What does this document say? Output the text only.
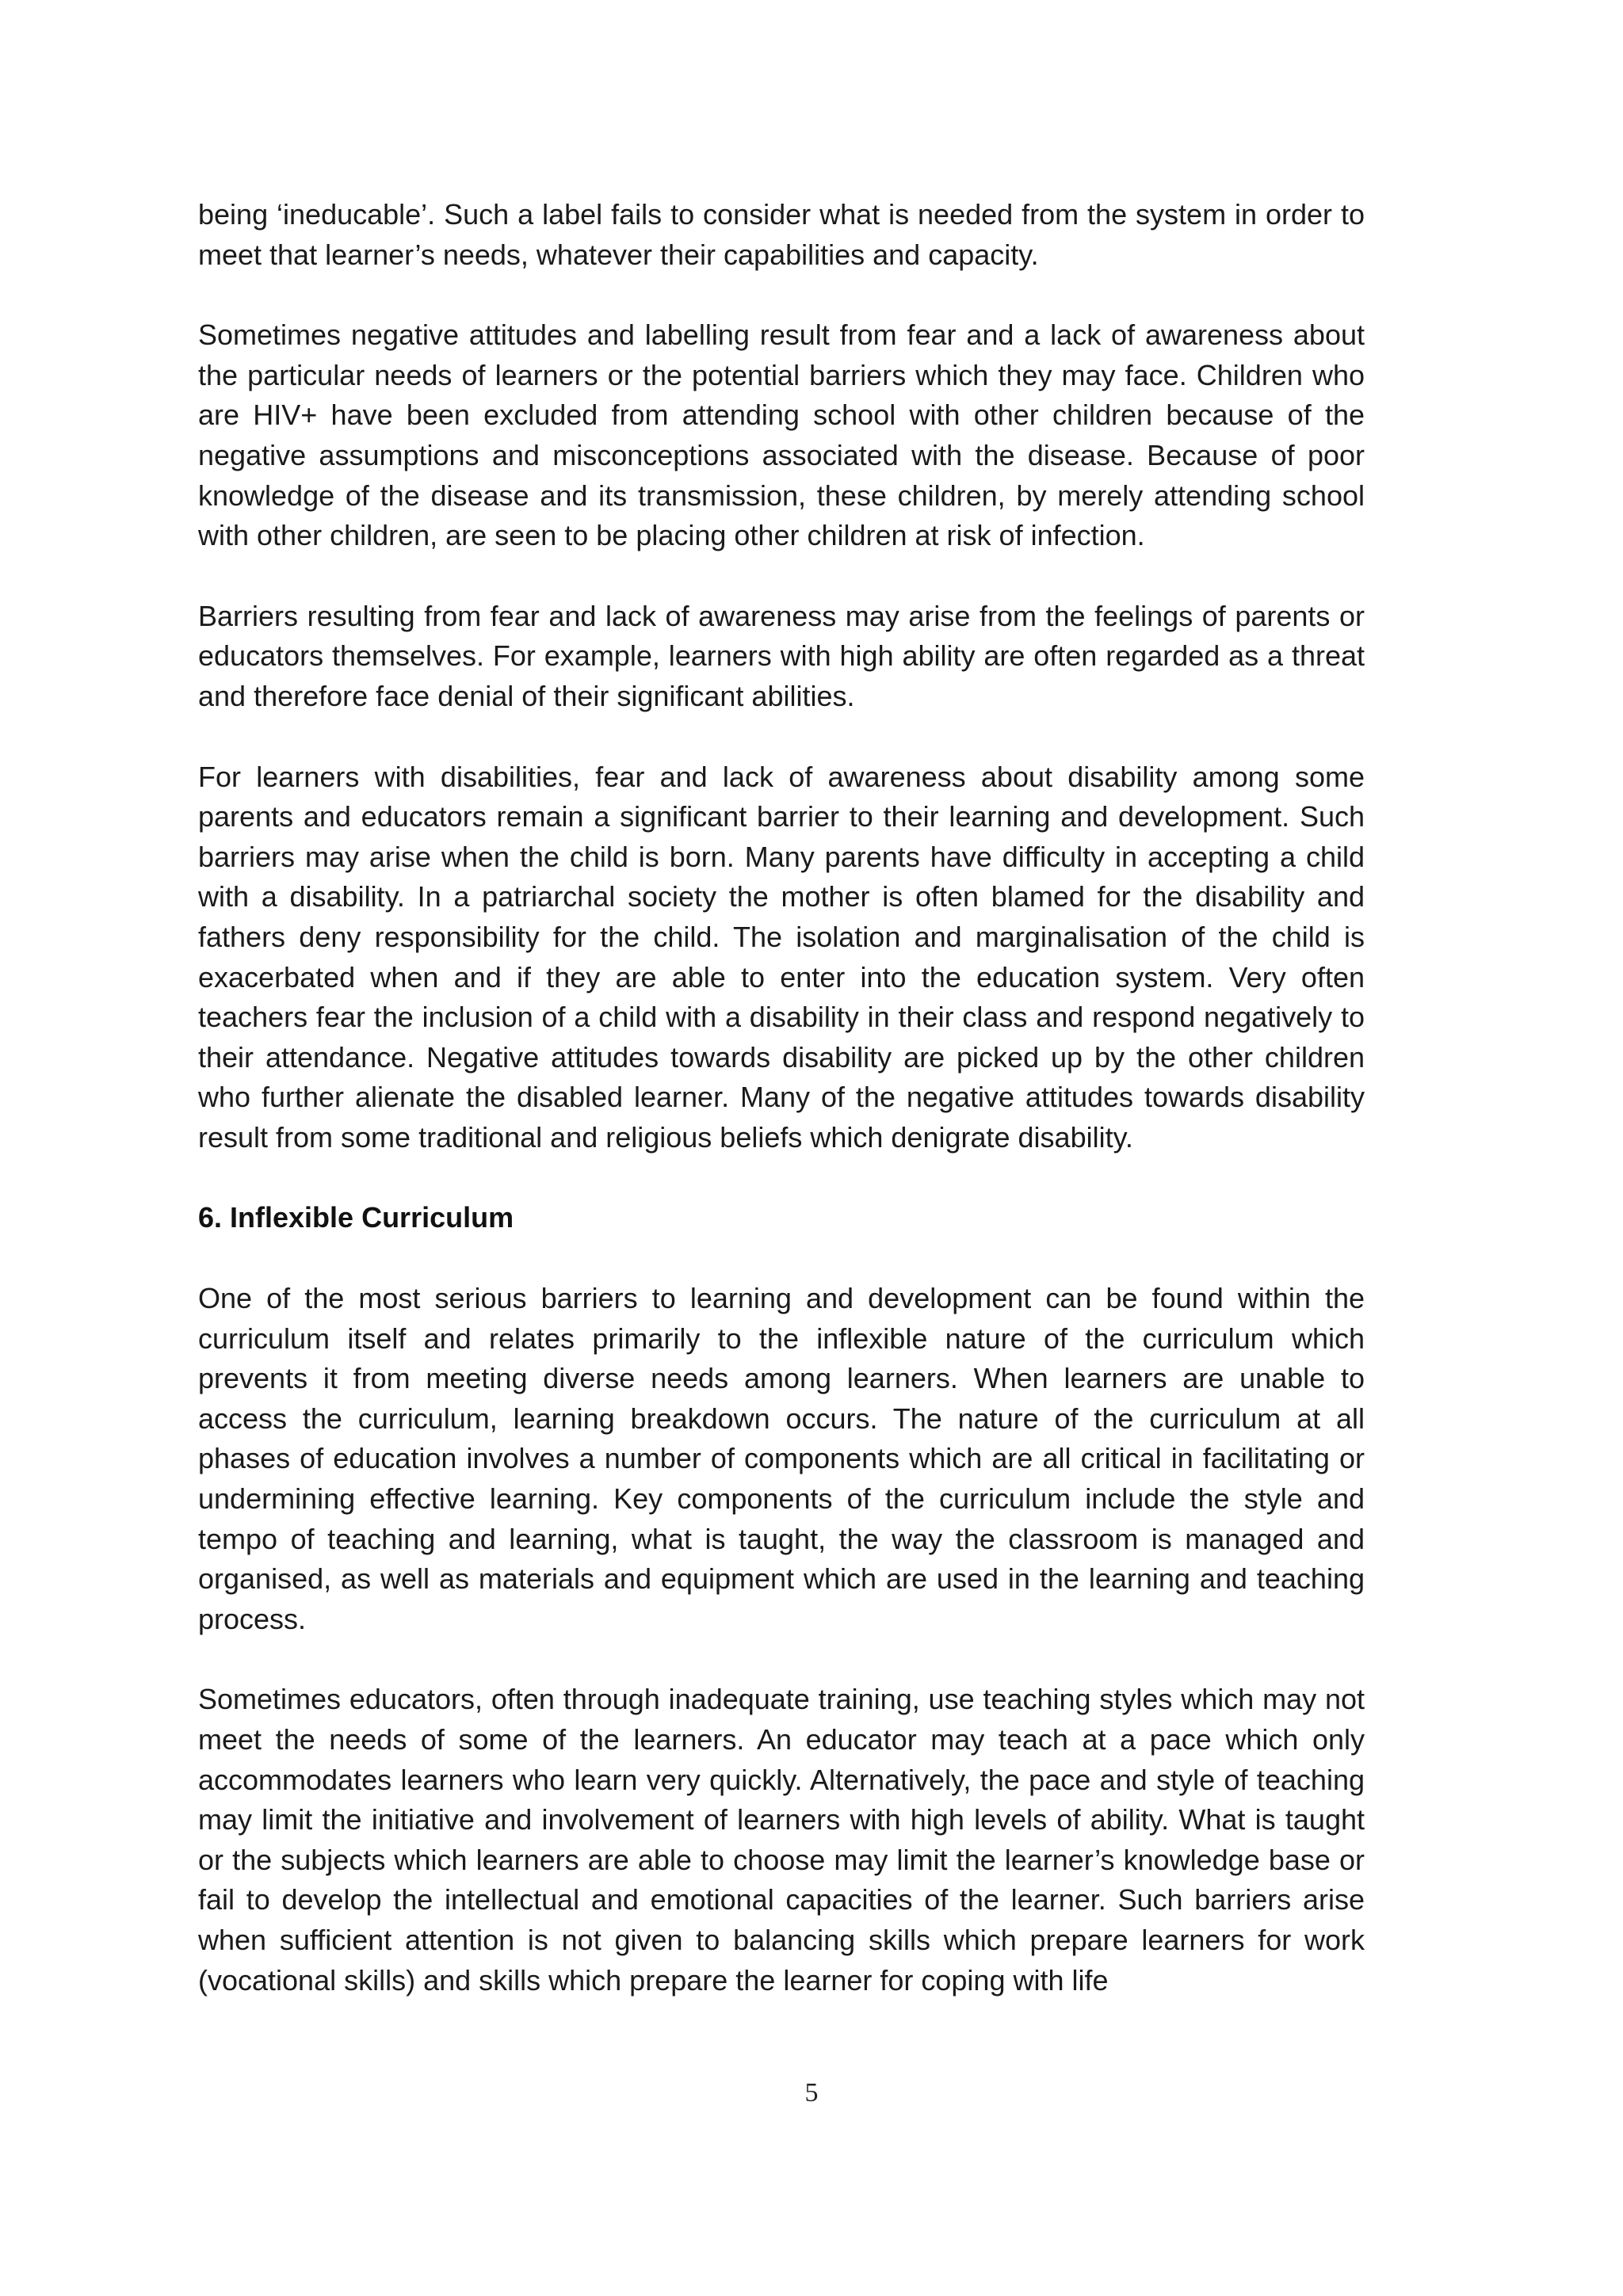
being ‘ineducable’. Such a label fails to consider what is needed from the system in order to meet that learner’s needs, whatever their capabilities and capacity.

Sometimes negative attitudes and labelling result from fear and a lack of awareness about the particular needs of learners or the potential barriers which they may face. Children who are HIV+ have been excluded from attending school with other children because of the negative assumptions and misconceptions associated with the disease. Because of poor knowledge of the disease and its transmission, these children, by merely attending school with other children, are seen to be placing other children at risk of infection.

Barriers resulting from fear and lack of awareness may arise from the feelings of parents or educators themselves. For example, learners with high ability are often regarded as a threat and therefore face denial of their significant abilities.

For learners with disabilities, fear and lack of awareness about disability among some parents and educators remain a significant barrier to their learning and development. Such barriers may arise when the child is born. Many parents have difficulty in accepting a child with a disability. In a patriarchal society the mother is often blamed for the disability and fathers deny responsibility for the child. The isolation and marginalisation of the child is exacerbated when and if they are able to enter into the education system. Very often teachers fear the inclusion of a child with a disability in their class and respond negatively to their attendance. Negative attitudes towards disability are picked up by the other children who further alienate the disabled learner. Many of the negative attitudes towards disability result from some traditional and religious beliefs which denigrate disability.

6. Inflexible Curriculum

One of the most serious barriers to learning and development can be found within the curriculum itself and relates primarily to the inflexible nature of the curriculum which prevents it from meeting diverse needs among learners. When learners are unable to access the curriculum, learning breakdown occurs. The nature of the curriculum at all phases of education involves a number of components which are all critical in facilitating or undermining effective learning. Key components of the curriculum include the style and tempo of teaching and learning, what is taught, the way the classroom is managed and organised, as well as materials and equipment which are used in the learning and teaching process.

Sometimes educators, often through inadequate training, use teaching styles which may not meet the needs of some of the learners. An educator may teach at a pace which only accommodates learners who learn very quickly. Alternatively, the pace and style of teaching may limit the initiative and involvement of learners with high levels of ability. What is taught or the subjects which learners are able to choose may limit the learner’s knowledge base or fail to develop the intellectual and emotional capacities of the learner. Such barriers arise when sufficient attention is not given to balancing skills which prepare learners for work (vocational skills) and skills which prepare the learner for coping with life

5
